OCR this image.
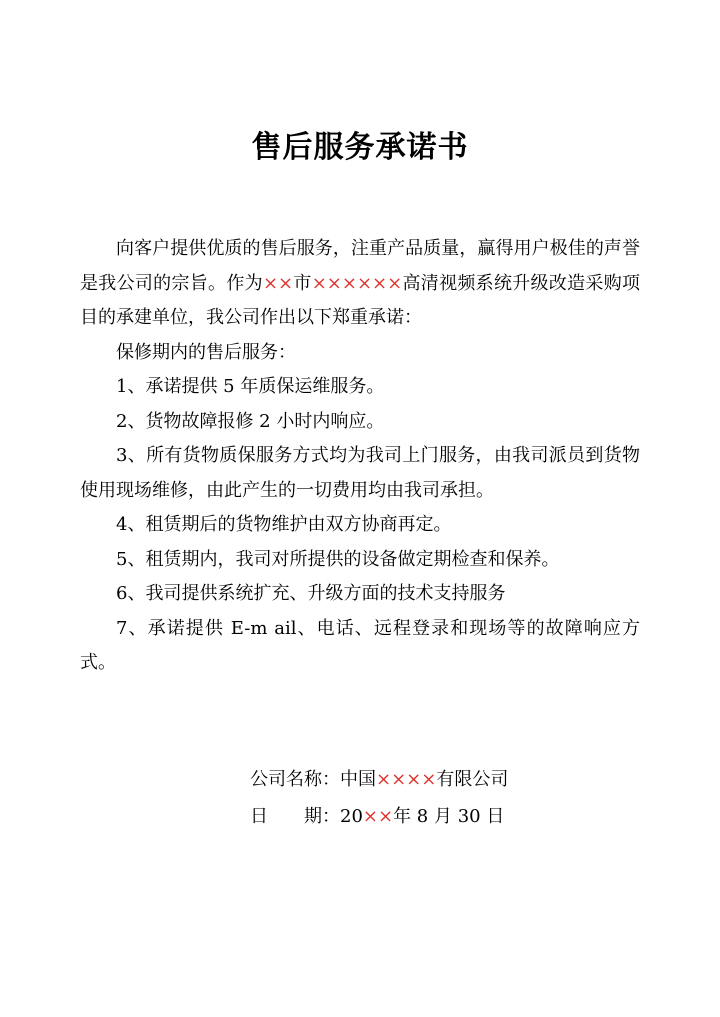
售后服务承诺书

向客户提供优质的售后服务，注重产品质量，赢得用户极佳的声誉是我公司的宗旨。作为××市××××××高清视频系统升级改造采购项目的承建单位，我公司作出以下郑重承诺：

保修期内的售后服务：

1、承诺提供 5 年质保运维服务。

2、货物故障报修 2 小时内响应。

3、所有货物质保服务方式均为我司上门服务，由我司派员到货物使用现场维修，由此产生的一切费用均由我司承担。

4、租赁期后的货物维护由双方协商再定。

5、租赁期内，我司对所提供的设备做定期检查和保养。

6、我司提供系统扩充、升级方面的技术支持服务

7、承诺提供 E-m ail、电话、远程登录和现场等的故障响应方式。

公司名称：中国××××有限公司
日 期：20××年 8 月 30 日
